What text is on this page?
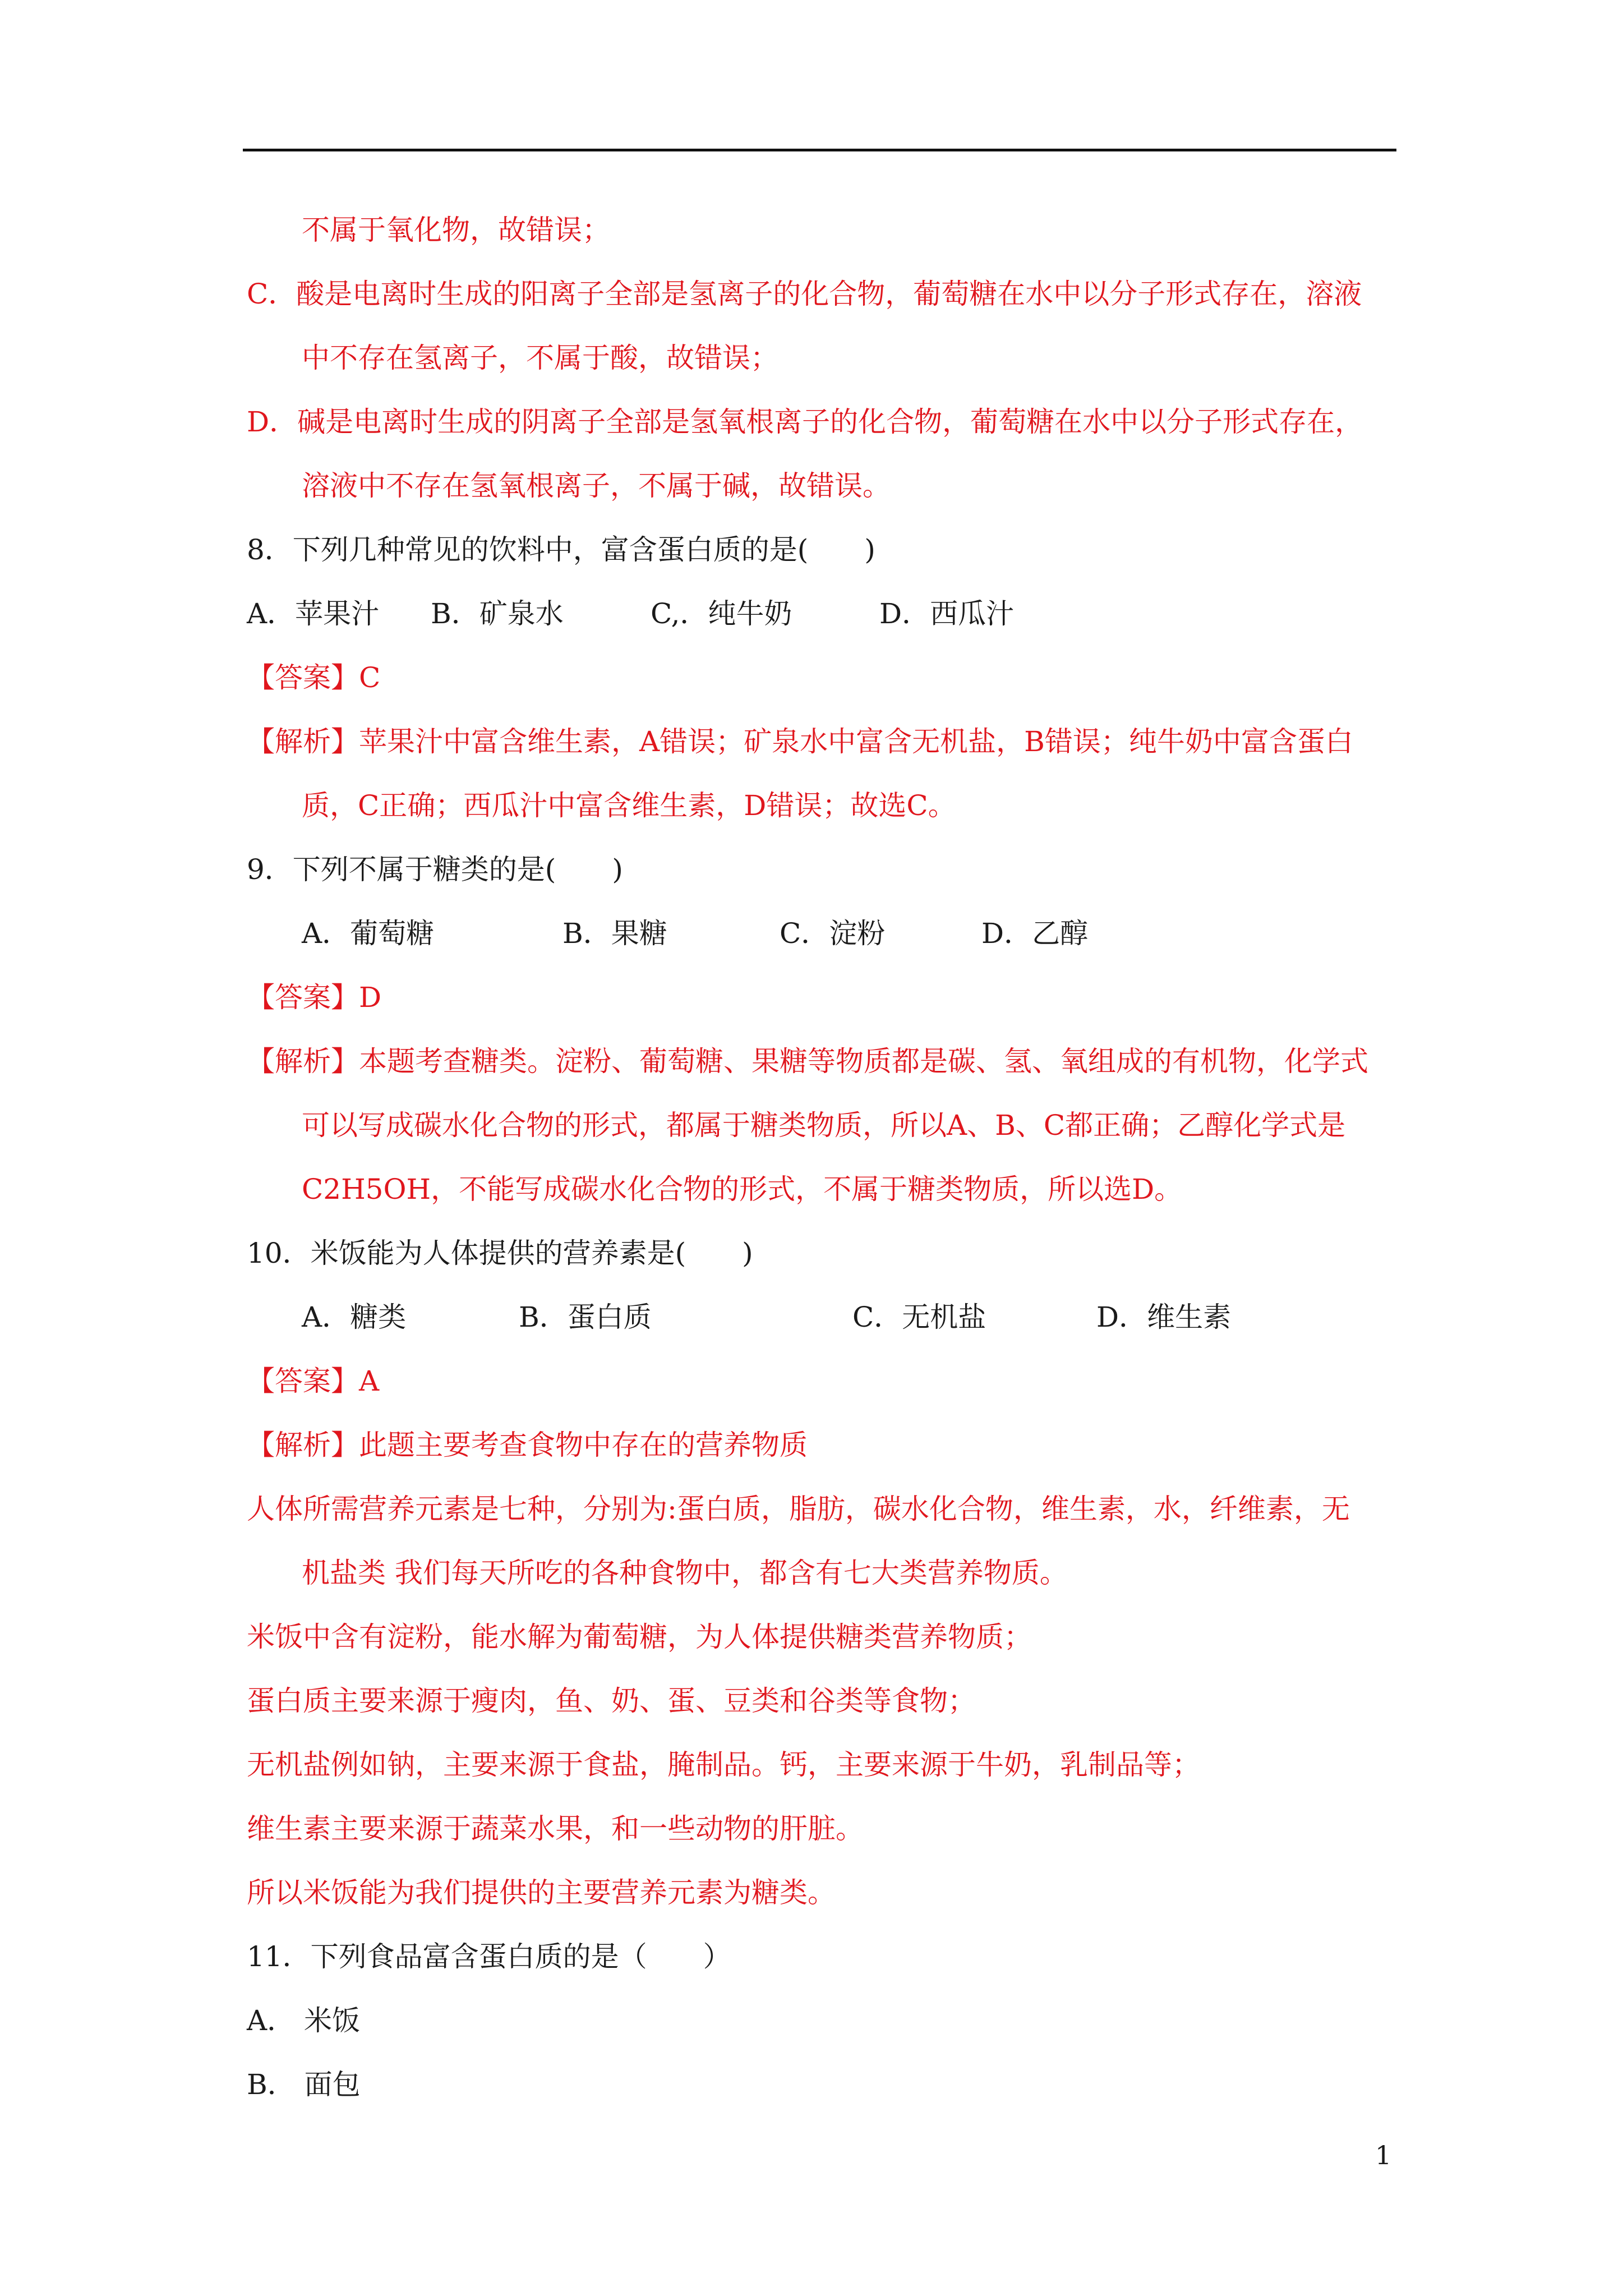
不属于氧化物，故错误；
C．酸是电离时生成的阳离子全部是氢离子的化合物，葡萄糖在水中以分子形式存在，溶液
中不存在氢离子，不属于酸，故错误；
D．碱是电离时生成的阴离子全部是氢氧根离子的化合物，葡萄糖在水中以分子形式存在，
溶液中不存在氢氧根离子，不属于碱，故错误。
8．下列几种常见的饮料中，富含蛋白质的是(　　)
A．苹果汁 B．矿泉水	C,．纯牛奶	D．西瓜汁
【答案】C
【解析】苹果汁中富含维生素，A错误；矿泉水中富含无机盐，B错误；纯牛奶中富含蛋白
质，C正确；西瓜汁中富含维生素，D错误；故选C。
9．下列不属于糖类的是(　　)
A．葡萄糖	B．果糖	C．淀粉	D．乙醇
【答案】D
【解析】本题考查糖类。淀粉、葡萄糖、果糖等物质都是碳、氢、氧组成的有机物，化学式
可以写成碳水化合物的形式，都属于糖类物质，所以A、B、C都正确；乙醇化学式是
C2H5OH，不能写成碳水化合物的形式，不属于糖类物质，所以选D。
10．米饭能为人体提供的营养素是(　　)
A．糖类	B．蛋白质	C．无机盐	D．维生素
【答案】A
【解析】此题主要考查食物中存在的营养物质
人体所需营养元素是七种，分别为:蛋白质，脂肪，碳水化合物，维生素，水，纤维素，无
机盐类 我们每天所吃的各种食物中，都含有七大类营养物质。
米饭中含有淀粉，能水解为葡萄糖，为人体提供糖类营养物质；
蛋白质主要来源于瘦肉，鱼、奶、蛋、豆类和谷类等食物；
无机盐例如钠，主要来源于食盐，腌制品。钙，主要来源于牛奶，乳制品等；
维生素主要来源于蔬菜水果，和一些动物的肝脏。
所以米饭能为我们提供的主要营养元素为糖类。
11．下列食品富含蛋白质的是（　　）
A． 米饭
B． 面包
1
